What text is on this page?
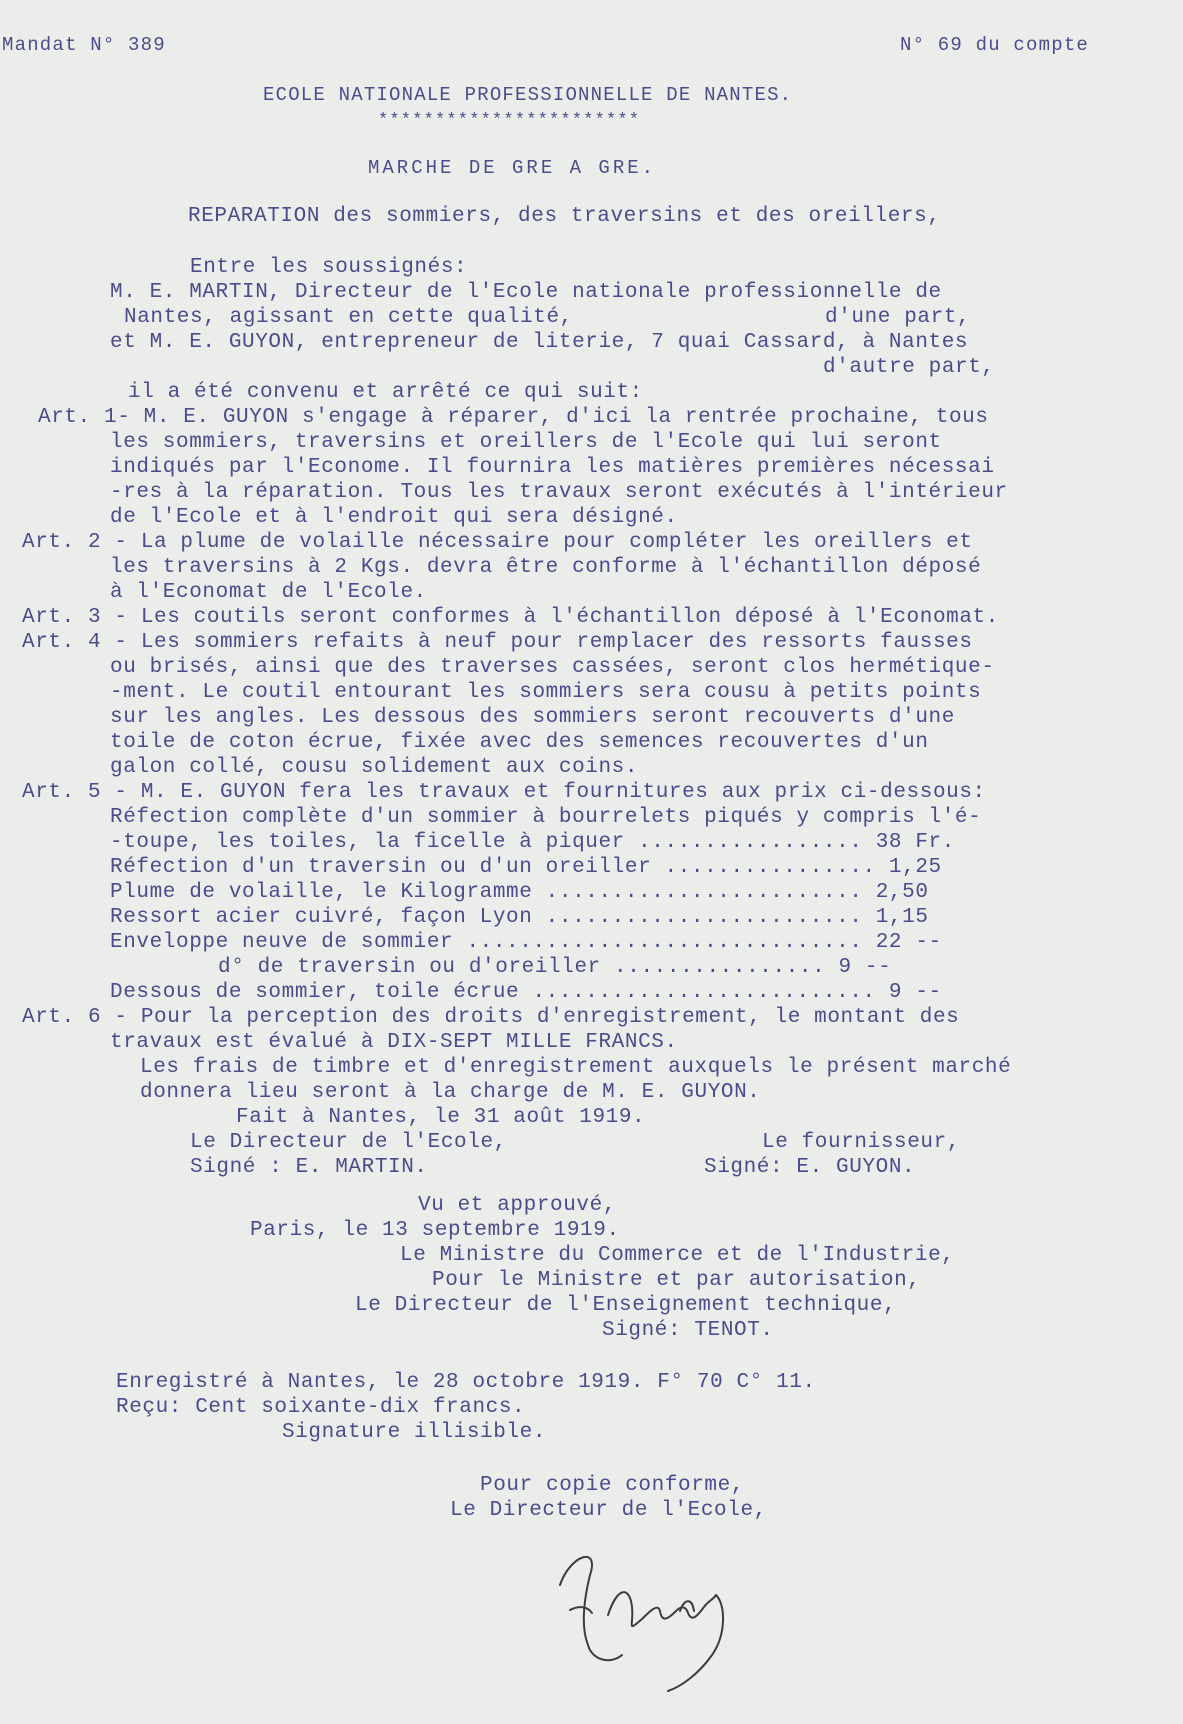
Mandat N° 389	N° 69 du compte
ECOLE NATIONALE PROFESSIONNELLE DE NANTES.
***********************
MARCHE DE GRE A GRE.
REPARATION des sommiers, des traversins et des oreillers,
Entre les soussignés:
M. E. MARTIN, Directeur de l'Ecole nationale professionnelle de
Nantes, agissant en cette qualité,	d'une part,
et M. E. GUYON, entrepreneur de literie, 7 quai Cassard, à Nantes
d'autre part,
il a été convenu et arrêté ce qui suit:
Art. 1- M. E. GUYON s'engage à réparer, d'ici la rentrée prochaine, tous
les sommiers, traversins et oreillers de l'Ecole qui lui seront
indiqués par l'Econome. Il fournira les matières premières nécessai
-res à la réparation. Tous les travaux seront exécutés à l'intérieur
de l'Ecole et à l'endroit qui sera désigné.
Art. 2 - La plume de volaille nécessaire pour compléter les oreillers et
les traversins à 2 Kgs. devra être conforme à l'échantillon déposé
à l'Economat de l'Ecole.
Art. 3 - Les coutils seront conformes à l'échantillon déposé à l'Economat.
Art. 4 - Les sommiers refaits à neuf pour remplacer des ressorts fausses
ou brisés, ainsi que des traverses cassées, seront clos hermétique-
-ment. Le coutil entourant les sommiers sera cousu à petits points
sur les angles. Les dessous des sommiers seront recouverts d'une
toile de coton écrue, fixée avec des semences recouvertes d'un
galon collé, cousu solidement aux coins.
Art. 5 - M. E. GUYON fera les travaux et fournitures aux prix ci-dessous:
Réfection complète d'un sommier à bourrelets piqués y compris l'é-
-toupe, les toiles, la ficelle à piquer ................. 38 Fr.
Réfection d'un traversin ou d'un oreiller ................ 1,25
Plume de volaille, le Kilogramme ........................ 2,50
Ressort acier cuivré, façon Lyon ........................ 1,15
Enveloppe neuve de sommier .............................. 22 --
d° de traversin ou d'oreiller ................ 9 --
Dessous de sommier, toile écrue .......................... 9 --
Art. 6 - Pour la perception des droits d'enregistrement, le montant des
travaux est évalué à DIX-SEPT MILLE FRANCS.
Les frais de timbre et d'enregistrement auxquels le présent marché
donnera lieu seront à la charge de M. E. GUYON.
Fait à Nantes, le 31 août 1919.
Le Directeur de l'Ecole,	Le fournisseur,
Signé : E. MARTIN.	Signé: E. GUYON.
Vu et approuvé,
Paris, le 13 septembre 1919.
Le Ministre du Commerce et de l'Industrie,
Pour le Ministre et par autorisation,
Le Directeur de l'Enseignement technique,
Signé: TENOT.
Enregistré à Nantes, le 28 octobre 1919. F° 70 C° 11.
Reçu: Cent soixante-dix francs.
Signature illisible.
Pour copie conforme,
Le Directeur de l'Ecole,
